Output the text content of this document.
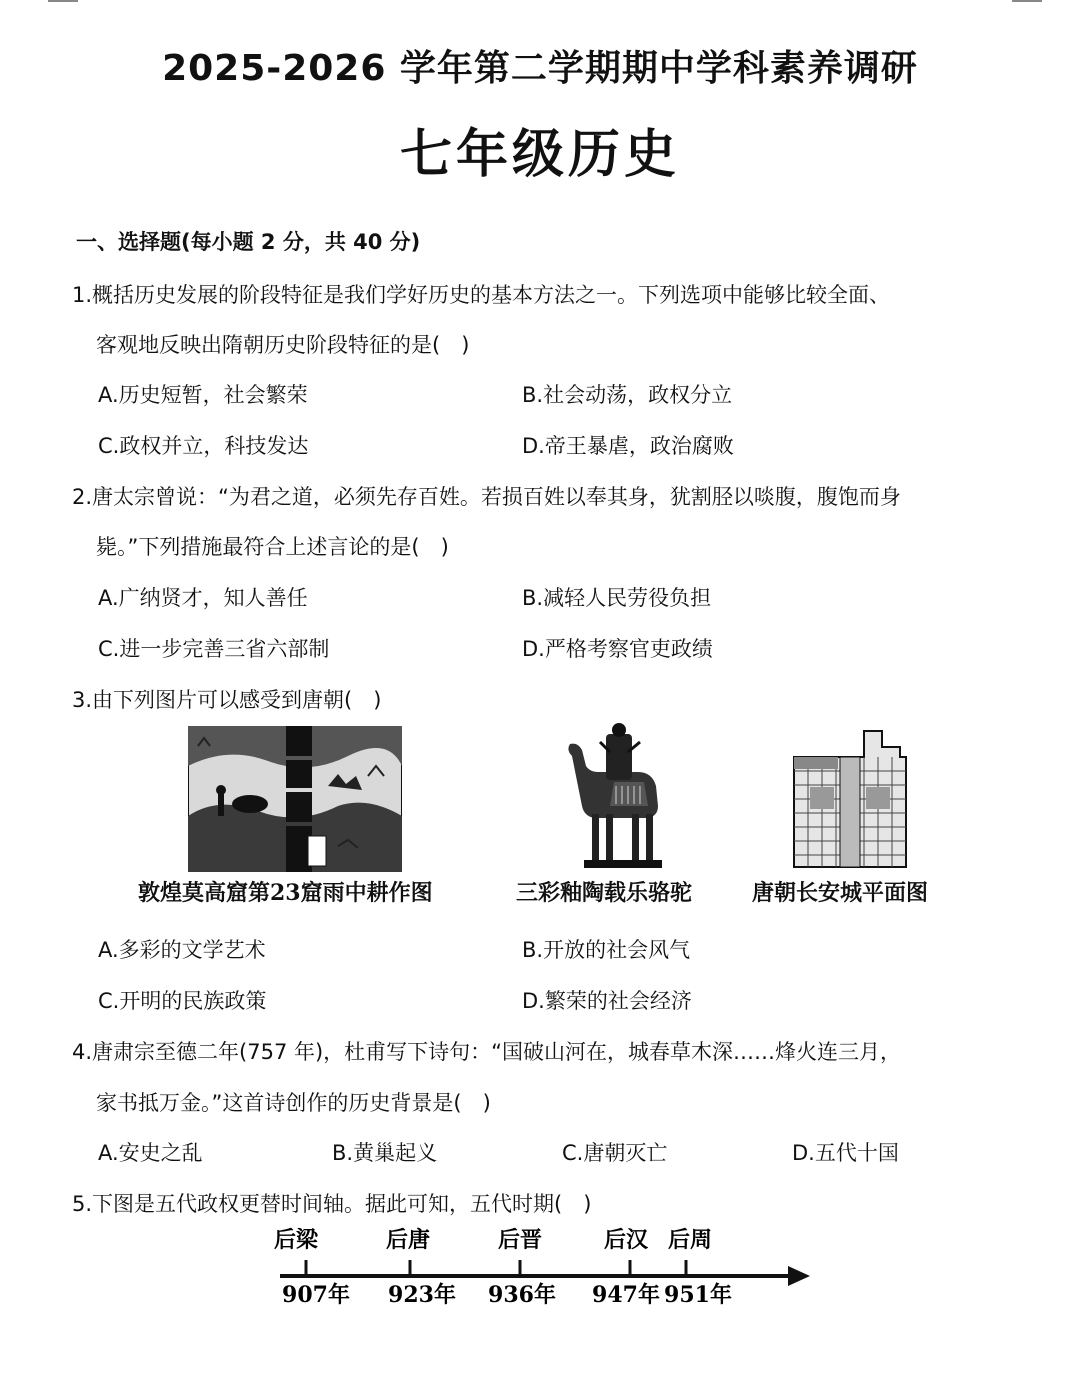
2025-2026 学年第二学期期中学科素养调研
七年级历史
一、选择题(每小题 2 分，共 40 分)
1.概括历史发展的阶段特征是我们学好历史的基本方法之一。下列选项中能够比较全面、
客观地反映出隋朝历史阶段特征的是(　)
A.历史短暂，社会繁荣	B.社会动荡，政权分立
C.政权并立，科技发达	D.帝王暴虐，政治腐败
2.唐太宗曾说：“为君之道，必须先存百姓。若损百姓以奉其身，犹割胫以啖腹，腹饱而身
毙。”下列措施最符合上述言论的是(　)
A.广纳贤才，知人善任	B.减轻人民劳役负担
C.进一步完善三省六部制	D.严格考察官吏政绩
3.由下列图片可以感受到唐朝(　)
敦煌莫高窟第23窟雨中耕作图	三彩釉陶载乐骆驼	唐朝长安城平面图
A.多彩的文学艺术	B.开放的社会风气
C.开明的民族政策	D.繁荣的社会经济
4.唐肃宗至德二年(757 年)，杜甫写下诗句：“国破山河在，城春草木深……烽火连三月，
家书抵万金。”这首诗创作的历史背景是(　)
A.安史之乱	B.黄巢起义	C.唐朝灭亡	D.五代十国
5.下图是五代政权更替时间轴。据此可知，五代时期(　)
后梁
907年
后唐
923年
后晋
936年
后汉
947年
后周
951年
